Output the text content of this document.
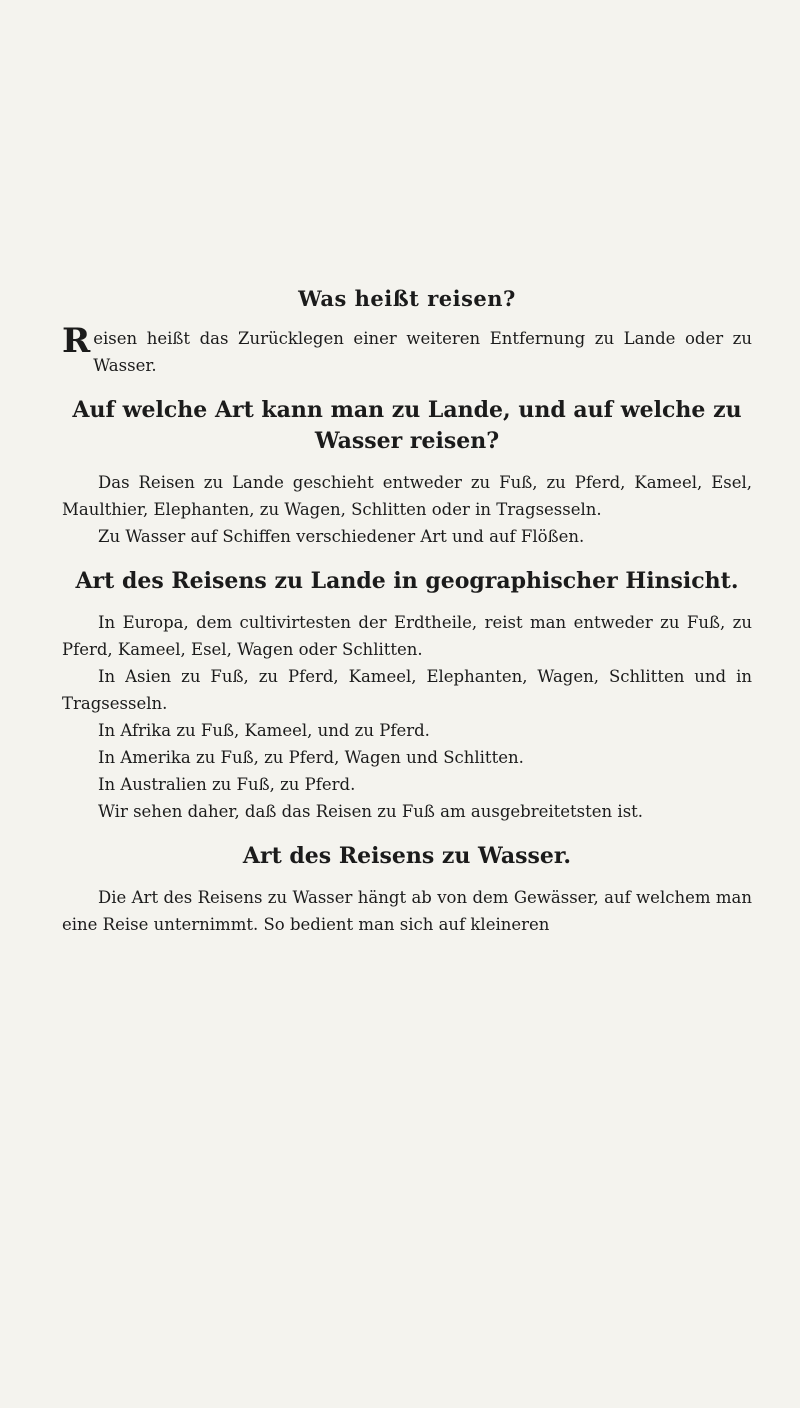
Was heißt reisen?

Reisen heißt das Zurücklegen einer weiteren Entfernung zu Lande oder zu Wasser.

Auf welche Art kann man zu Lande, und auf welche zu Wasser reisen?

Das Reisen zu Lande geschieht entweder zu Fuß, zu Pferd, Kameel, Esel, Maulthier, Elephanten, zu Wagen, Schlitten oder in Tragsesseln.

Zu Wasser auf Schiffen verschiedener Art und auf Flößen.

Art des Reisens zu Lande in geographischer Hinsicht.

In Europa, dem cultivirtesten der Erdtheile, reist man entweder zu Fuß, zu Pferd, Kameel, Esel, Wagen oder Schlitten.

In Asien zu Fuß, zu Pferd, Kameel, Elephanten, Wagen, Schlitten und in Tragsesseln.

In Afrika zu Fuß, Kameel, und zu Pferd.

In Amerika zu Fuß, zu Pferd, Wagen und Schlitten.

In Australien zu Fuß, zu Pferd.

Wir sehen daher, daß das Reisen zu Fuß am ausgebreitetsten ist.

Art des Reisens zu Wasser.

Die Art des Reisens zu Wasser hängt ab von dem Gewässer, auf welchem man eine Reise unternimmt. So bedient man sich auf kleineren
